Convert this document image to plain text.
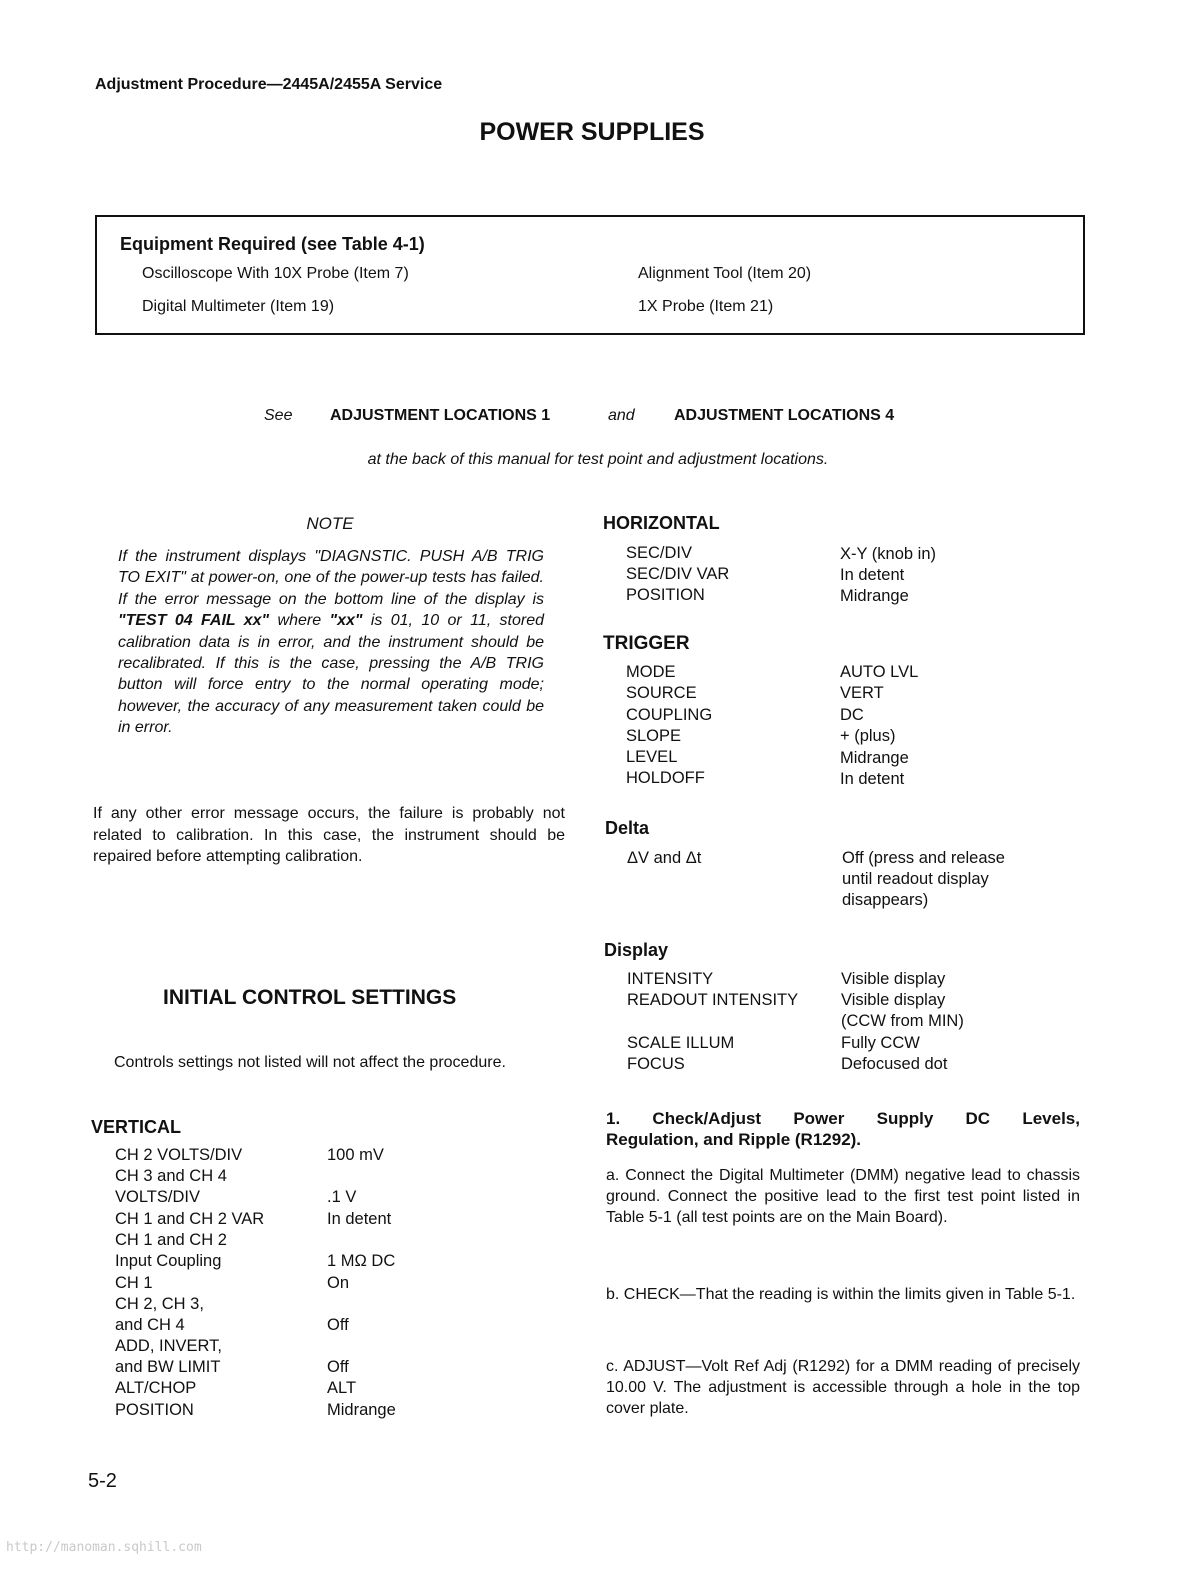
Adjustment Procedure—2445A/2455A Service
POWER SUPPLIES
Equipment Required (see Table 4-1)
Oscilloscope With 10X Probe (Item 7)	Alignment Tool (Item 20)
Digital Multimeter (Item 19)	1X Probe (Item 21)
See ADJUSTMENT LOCATIONS 1	and ADJUSTMENT LOCATIONS 4
at the back of this manual for test point and adjustment locations.
NOTE
If the instrument displays "DIAGNSTIC. PUSH A/B TRIG TO EXIT" at power-on, one of the power-up tests has failed. If the error message on the bottom line of the display is "TEST 04 FAIL xx" where "xx" is 01, 10 or 11, stored calibration data is in error, and the instrument should be recalibrated. If this is the case, pressing the A/B TRIG button will force entry to the normal operating mode; however, the accuracy of any measurement taken could be in error.
If any other error message occurs, the failure is probably not related to calibration. In this case, the instrument should be repaired before attempting calibration.
INITIAL CONTROL SETTINGS
Controls settings not listed will not affect the procedure.
VERTICAL
CH 2 VOLTS/DIV	100 mV
CH 3 and CH 4
VOLTS/DIV	.1 V
CH 1 and CH 2 VAR	In detent
CH 1 and CH 2
Input Coupling	1 MΩ DC
CH 1	On
CH 2, CH 3,
and CH 4	Off
ADD, INVERT,
and BW LIMIT	Off
ALT/CHOP	ALT
POSITION	Midrange
HORIZONTAL
SEC/DIV	X-Y (knob in)
SEC/DIV VAR	In detent
POSITION	Midrange
TRIGGER
MODE	AUTO LVL
SOURCE	VERT
COUPLING	DC
SLOPE	+ (plus)
LEVEL	Midrange
HOLDOFF	In detent
Delta
ΔV and Δt	Off (press and release
until readout display
disappears)
Display
INTENSITY	Visible display
READOUT INTENSITY	Visible display
(CCW from MIN)
SCALE ILLUM	Fully CCW
FOCUS	Defocused dot
1. Check/Adjust Power Supply DC Levels,
Regulation, and Ripple (R1292).
a. Connect the Digital Multimeter (DMM) negative lead to chassis ground. Connect the positive lead to the first test point listed in Table 5-1 (all test points are on the Main Board).
b. CHECK—That the reading is within the limits given in Table 5-1.
c. ADJUST—Volt Ref Adj (R1292) for a DMM reading of precisely 10.00 V. The adjustment is accessible through a hole in the top cover plate.
5-2
http://manoman.sqhill.com
